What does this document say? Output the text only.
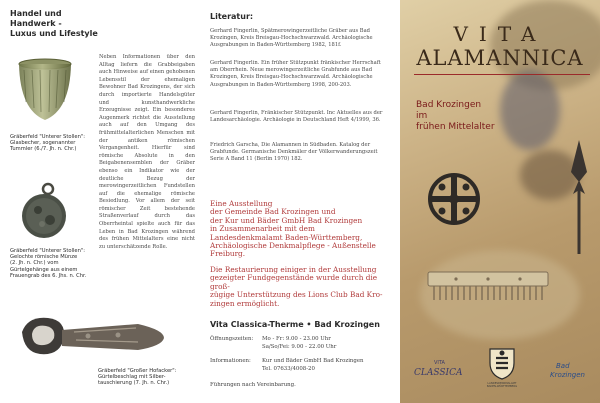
Handel und
Handwerk -
Luxus und Lifestyle
Gräberfeld "Unterer Stollen":
Glasbecher, sogenannter
Tummler (6./7. Jh. n. Chr.)
Gräberfeld "Unterer Stollen":
Gelochte römische Münze
(2. Jh. n. Chr.) vom
Gürtelgehänge aus einem
Frauengrab des 6. Jhs. n. Chr.
Gräberfeld "Großer Hofacker":
Gürtelbeschlag mit Silber-
tauschierung (7. Jh. n. Chr.)
Neben Informationen über den Alltag liefern die Grabbeigaben auch Hinweise auf einen gehobenen Lebensstil der ehemaligen Bewohner Bad Krozingens, der sich durch importierte Handelsgüter und kunsthandwerkliche Erzeugnisse zeigt. Ein besonderes Augenmerk richtet die Ausstellung auch auf den Umgang des frühmittelalterlichen Menschen mit der antiken römischen Vergangenheit. Hierfür sind römische Absolute in den Beigabenensemblen der Gräber ebenso ein Indikator wie der deutliche Bezug der merowingerzeitlichen Fundstellen auf die ehemalige römische Besiedlung. Vor allem der seit römischer Zeit bestehende Straßenverlauf durch das Oberrheintal spielte auch für das Leben in Bad Krozingen während des frühen Mittelalters eine nicht zu unterschätzende Rolle.
Literatur:
Gerhard Fingerlin, Spätmerowingerzeitliche Gräber aus Bad Krozingen, Kreis Breisgau-Hochschwarzwald. Archäologische Ausgrabungen in Baden-Württemberg 1982, 181f.
Gerhard Fingerlin. Ein früher Stützpunkt fränkischer Herrschaft am Oberrhein. Neue merowingerzeitliche Grabfunde aus Bad Krozingen, Kreis Breisgau-Hochschwarzwald. Archäologische Ausgrabungen in Baden-Württemberg 1998, 200-203.
Gerhard Fingerlin, Fränkischer Stützpunkt. Inc Aktuelles aus der Landesarchäologie. Archäologie in Deutschland Heft 4/1999, 36.
Friedrich Garscha, Die Alamannen in Südbaden. Katalog der Grabfunde. Germanische Denkmäler der Völkerwanderungszeit Serie A Band 11 (Berlin 1970) 182.
Eine Ausstellung
der Gemeinde Bad Krozingen und
der Kur und Bäder GmbH Bad Krozingen
in Zusammenarbeit mit dem
Landesdenkmalamt Baden-Württemberg,
Archäologische Denkmalpflege - Außenstelle
Freiburg.
Die Restaurierung einiger in der Ausstellung
gezeigter Fundgegenstände wurde durch die groß-
zügige Unterstützung des Lions Club Bad Kro-
zingen ermöglicht.
Vita Classica-Therme • Bad Krozingen
Öffnungszeiten: Mo - Fr: 9.00 - 23.00 Uhr
Sa/So/Fei: 9.00 - 22.00 Uhr
Informationen: Kur und Bäder GmbH Bad Krozingen
Tel. 07633/4008-20
Führungen nach Vereinbarung.
VITA
ALAMANNICA
Bad Krozingen
im
frühen Mittelalter
VITA
CLASSICA
LANDESDENKMALAMT
BADEN-WÜRTTEMBERG
Bad
Krozingen
